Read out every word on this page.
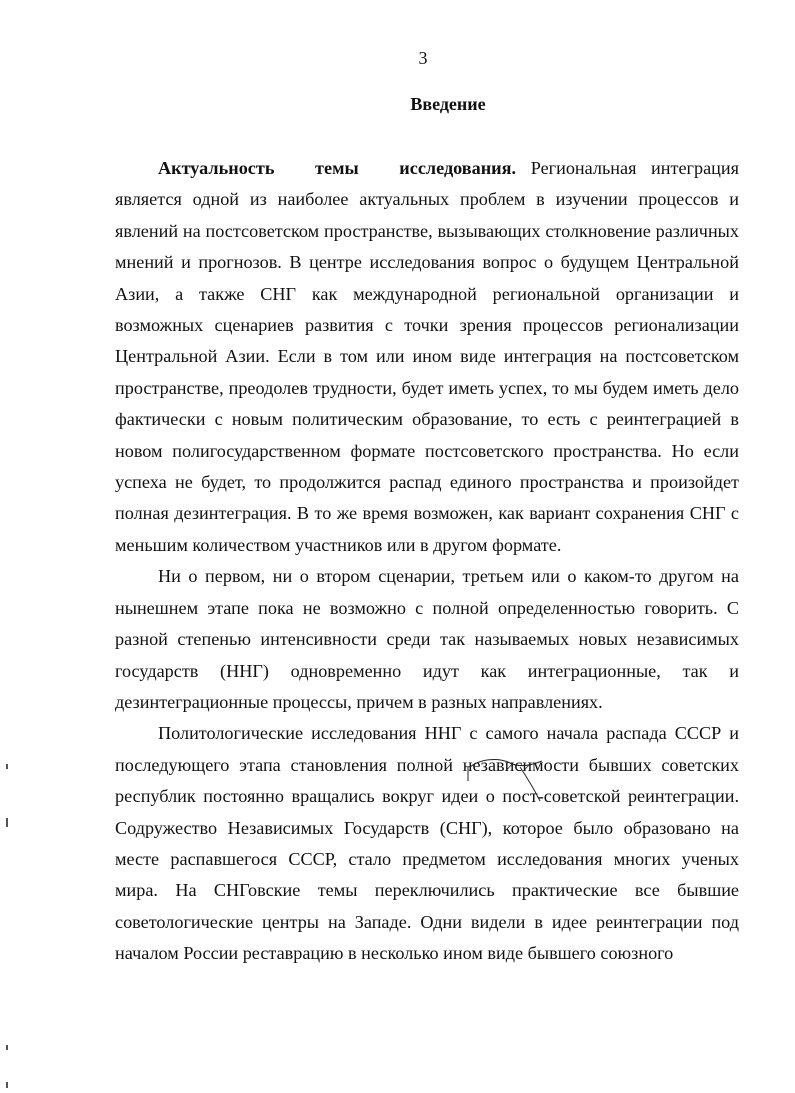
3
Введение

Актуальность темы исследования. Региональная интеграция является одной из наиболее актуальных проблем в изучении процессов и явлений на постсоветском пространстве, вызывающих столкновение различных мнений и прогнозов. В центре исследования вопрос о будущем Центральной Азии, а также СНГ как международной региональной организации и возможных сценариев развития с точки зрения процессов регионализации Центральной Азии. Если в том или ином виде интеграция на постсоветском пространстве, преодолев трудности, будет иметь успех, то мы будем иметь дело фактически с новым политическим образование, то есть с реинтеграцией в новом полигосударственном формате постсоветского пространства. Но если успеха не будет, то продолжится распад единого пространства и произойдет полная дезинтеграция. В то же время возможен, как вариант сохранения СНГ с меньшим количеством участников или в другом формате.

Ни о первом, ни о втором сценарии, третьем или о каком-то другом на нынешнем этапе пока не возможно с полной определенностью говорить. С разной степенью интенсивности среди так называемых новых независимых государств (ННГ) одновременно идут как интеграционные, так и дезинтеграционные процессы, причем в разных направлениях.

Политологические исследования ННГ с самого начала распада СССР и последующего этапа становления полной независимости бывших советских республик постоянно вращались вокруг идеи о пост-советской реинтеграции. Содружество Независимых Государств (СНГ), которое было образовано на месте распавшегося СССР, стало предметом исследования многих ученых мира. На СНГовские темы переключились практические все бывшие советологические центры на Западе. Одни видели в идее реинтеграции под началом России реставрацию в несколько ином виде бывшего союзного
